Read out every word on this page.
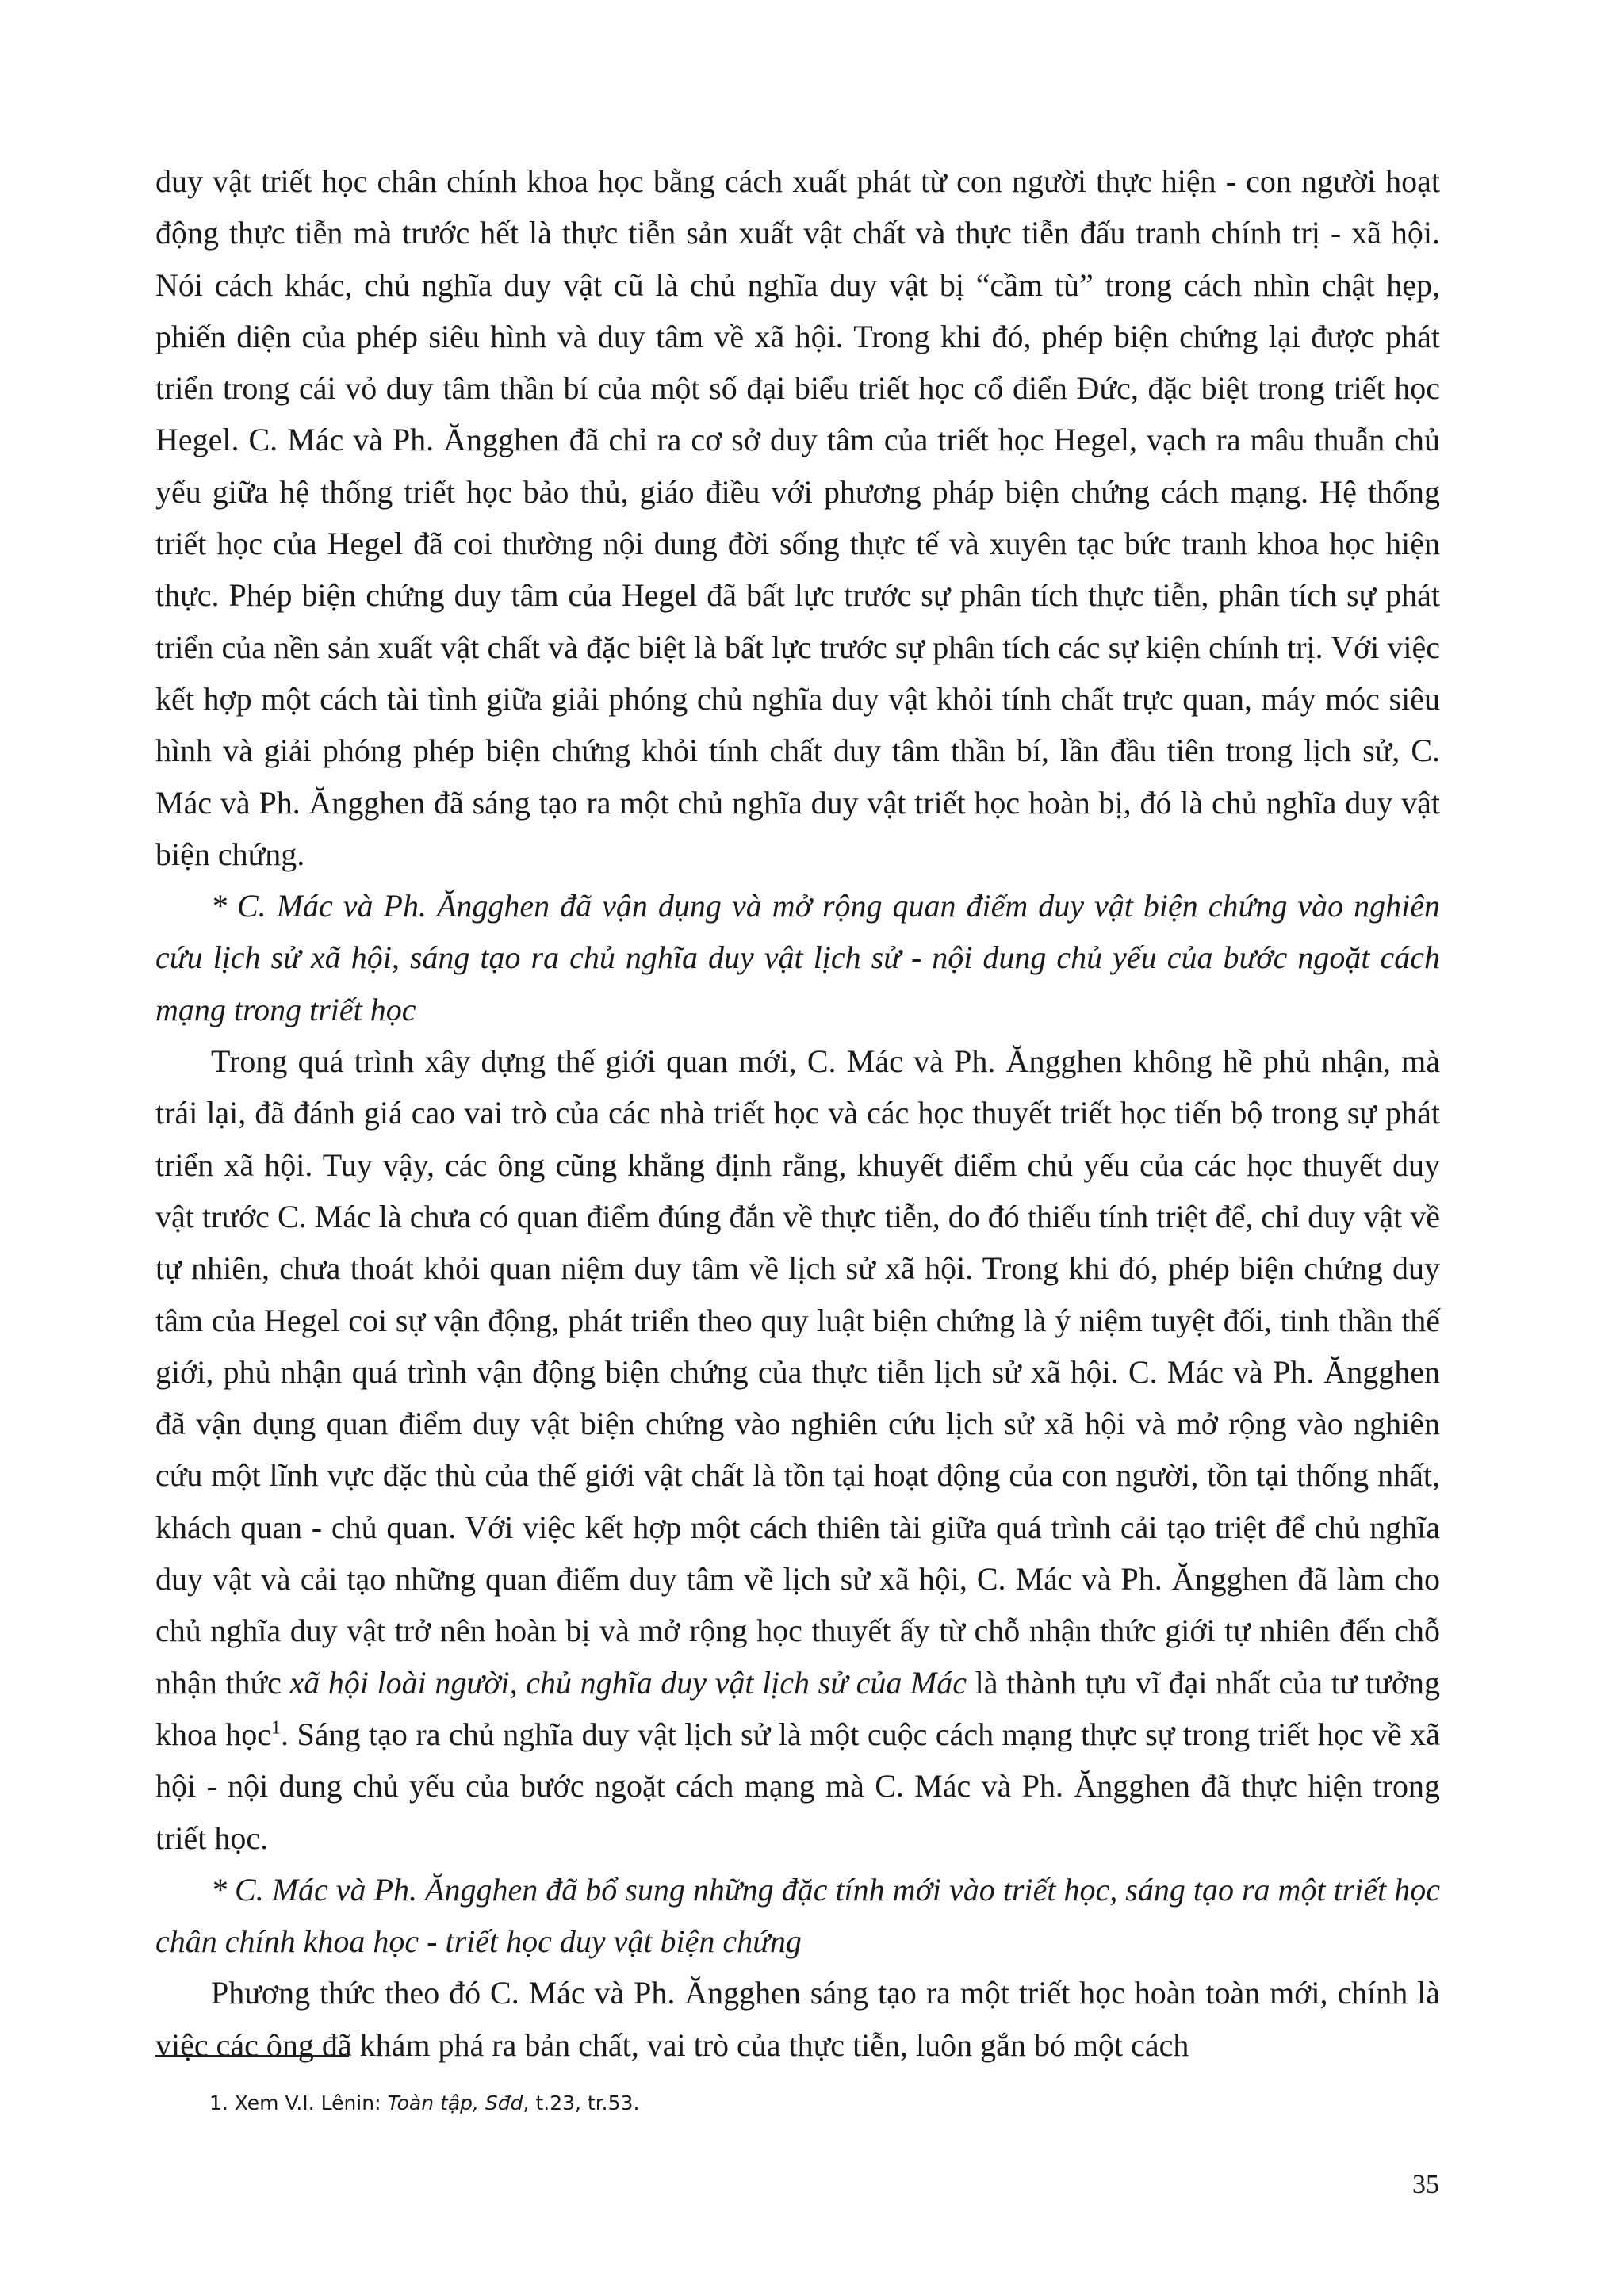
duy vật triết học chân chính khoa học bằng cách xuất phát từ con người thực hiện - con người hoạt động thực tiễn mà trước hết là thực tiễn sản xuất vật chất và thực tiễn đấu tranh chính trị - xã hội. Nói cách khác, chủ nghĩa duy vật cũ là chủ nghĩa duy vật bị “cầm tù” trong cách nhìn chật hẹp, phiến diện của phép siêu hình và duy tâm về xã hội. Trong khi đó, phép biện chứng lại được phát triển trong cái vỏ duy tâm thần bí của một số đại biểu triết học cổ điển Đức, đặc biệt trong triết học Hegel. C. Mác và Ph. Ăngghen đã chỉ ra cơ sở duy tâm của triết học Hegel, vạch ra mâu thuẫn chủ yếu giữa hệ thống triết học bảo thủ, giáo điều với phương pháp biện chứng cách mạng. Hệ thống triết học của Hegel đã coi thường nội dung đời sống thực tế và xuyên tạc bức tranh khoa học hiện thực. Phép biện chứng duy tâm của Hegel đã bất lực trước sự phân tích thực tiễn, phân tích sự phát triển của nền sản xuất vật chất và đặc biệt là bất lực trước sự phân tích các sự kiện chính trị. Với việc kết hợp một cách tài tình giữa giải phóng chủ nghĩa duy vật khỏi tính chất trực quan, máy móc siêu hình và giải phóng phép biện chứng khỏi tính chất duy tâm thần bí, lần đầu tiên trong lịch sử, C. Mác và Ph. Ăngghen đã sáng tạo ra một chủ nghĩa duy vật triết học hoàn bị, đó là chủ nghĩa duy vật biện chứng.

* C. Mác và Ph. Ăngghen đã vận dụng và mở rộng quan điểm duy vật biện chứng vào nghiên cứu lịch sử xã hội, sáng tạo ra chủ nghĩa duy vật lịch sử - nội dung chủ yếu của bước ngoặt cách mạng trong triết học

Trong quá trình xây dựng thế giới quan mới, C. Mác và Ph. Ăngghen không hề phủ nhận, mà trái lại, đã đánh giá cao vai trò của các nhà triết học và các học thuyết triết học tiến bộ trong sự phát triển xã hội. Tuy vậy, các ông cũng khẳng định rằng, khuyết điểm chủ yếu của các học thuyết duy vật trước C. Mác là chưa có quan điểm đúng đắn về thực tiễn, do đó thiếu tính triệt để, chỉ duy vật về tự nhiên, chưa thoát khỏi quan niệm duy tâm về lịch sử xã hội. Trong khi đó, phép biện chứng duy tâm của Hegel coi sự vận động, phát triển theo quy luật biện chứng là ý niệm tuyệt đối, tinh thần thế giới, phủ nhận quá trình vận động biện chứng của thực tiễn lịch sử xã hội. C. Mác và Ph. Ăngghen đã vận dụng quan điểm duy vật biện chứng vào nghiên cứu lịch sử xã hội và mở rộng vào nghiên cứu một lĩnh vực đặc thù của thế giới vật chất là tồn tại hoạt động của con người, tồn tại thống nhất, khách quan - chủ quan. Với việc kết hợp một cách thiên tài giữa quá trình cải tạo triệt để chủ nghĩa duy vật và cải tạo những quan điểm duy tâm về lịch sử xã hội, C. Mác và Ph. Ăngghen đã làm cho chủ nghĩa duy vật trở nên hoàn bị và mở rộng học thuyết ấy từ chỗ nhận thức giới tự nhiên đến chỗ nhận thức xã hội loài người, chủ nghĩa duy vật lịch sử của Mác là thành tựu vĩ đại nhất của tư tưởng khoa học$^1$. Sáng tạo ra chủ nghĩa duy vật lịch sử là một cuộc cách mạng thực sự trong triết học về xã hội - nội dung chủ yếu của bước ngoặt cách mạng mà C. Mác và Ph. Ăngghen đã thực hiện trong triết học.

* C. Mác và Ph. Ăngghen đã bổ sung những đặc tính mới vào triết học, sáng tạo ra một triết học chân chính khoa học - triết học duy vật biện chứng

Phương thức theo đó C. Mác và Ph. Ăngghen sáng tạo ra một triết học hoàn toàn mới, chính là việc các ông đã khám phá ra bản chất, vai trò của thực tiễn, luôn gắn bó một cách

1. Xem V.I. Lênin: Toàn tập, Sđd, t.23, tr.53.
35
